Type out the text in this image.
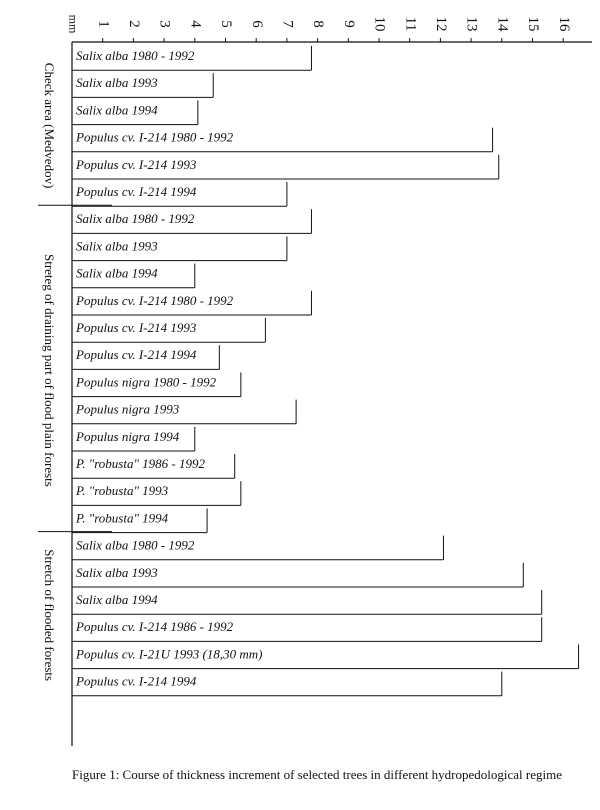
mm 1 2 3 4 5 6 7 8 9 10 11 12 13 14 15 16
Check area (Medvedov)
Streteg of draining part of flood plain forests
Stretch of flooded forests
Salix alba 1980 - 1992
Salix alba 1993
Salix alba 1994
Populus cv. I-214 1980 - 1992
Populus cv. I-214 1993
Populus cv. I-214 1994
Salix alba 1980 - 1992
Salix alba 1993
Salix alba 1994
Populus cv. I-214 1980 - 1992
Populus cv. I-214 1993
Populus cv. I-214 1994
Populus nigra 1980 - 1992
Populus nigra 1993
Populus nigra 1994
P. "robusta" 1986 - 1992
P. "robusta" 1993
P. "robusta" 1994
Salix alba 1980 - 1992
Salix alba 1993
Salix alba 1994
Populus cv. I-214 1986 - 1992
Populus cv. I-21U 1993 (18,30 mm)
Populus cv. I-214 1994
Figure 1: Course of thickness increment of selected trees in different hydropedological regime
